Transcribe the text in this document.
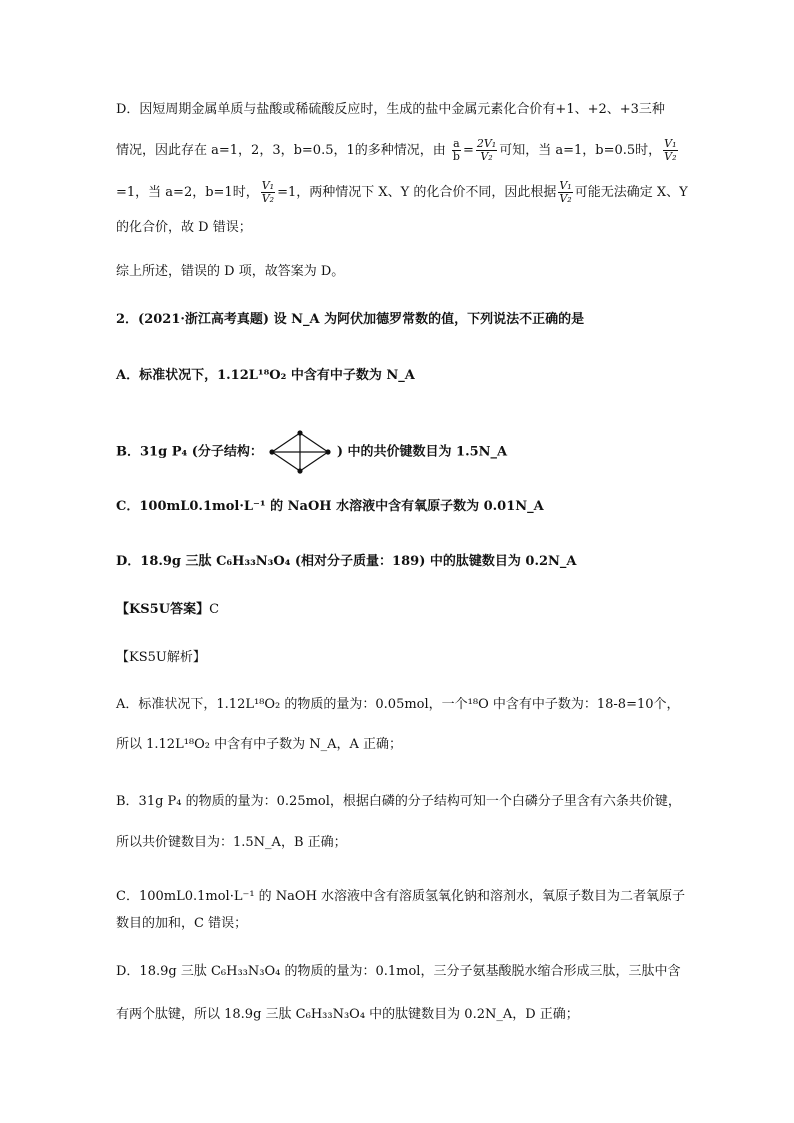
D．因短周期金属单质与盐酸或稀硫酸反应时，生成的盐中金属元素化合价有+1、+2、+3三种
情况，因此存在 a=1，2，3，b=0.5，1的多种情况，由 $\frac{a}{b} = \frac{\text{2V₁}}{\text{V₂}}$ 可知，当 a=1，b=0.5时， $\frac{\text{V₁}}{\text{V₂}}$
=1，当 a=2，b=1时， $\frac{\text{V₁}}{\text{V₂}} =1$，两种情况下 X、Y 的化合价不同，因此根据 $\frac{\text{V₁}}{\text{V₂}}$ 可能无法确定 X、Y
的化合价，故 D 错误；
综上所述，错误的 D 项，故答案为 D。
2．(2021·浙江高考真题) 设 N_A 为阿伏加德罗常数的值，下列说法不正确的是
A．标准状况下，1.12L¹⁸O₂ 中含有中子数为 N_A
B．31g P₄ (分子结构：	) 中的共价键数目为 1.5N_A
C．100mL0.1mol·L⁻¹ 的 NaOH 水溶液中含有氧原子数为 0.01N_A
D．18.9g 三肽 C₆H₃₃N₃O₄ (相对分子质量：189) 中的肽键数目为 0.2N_A
【KS5U答案】C
【KS5U解析】
A．标准状况下，1.12L¹⁸O₂ 的物质的量为：0.05mol，一个¹⁸O 中含有中子数为：18-8=10个，
所以 1.12L¹⁸O₂ 中含有中子数为 N_A，A 正确；
B．31g P₄ 的物质的量为：0.25mol，根据白磷的分子结构可知一个白磷分子里含有六条共价键，
所以共价键数目为：1.5N_A，B 正确；
C．100mL0.1mol·L⁻¹ 的 NaOH 水溶液中含有溶质氢氧化钠和溶剂水，氧原子数目为二者氧原子
数目的加和，C 错误；
D．18.9g 三肽 C₆H₃₃N₃O₄ 的物质的量为：0.1mol，三分子氨基酸脱水缩合形成三肽，三肽中含
有两个肽键，所以 18.9g 三肽 C₆H₃₃N₃O₄ 中的肽键数目为 0.2N_A，D 正确；
